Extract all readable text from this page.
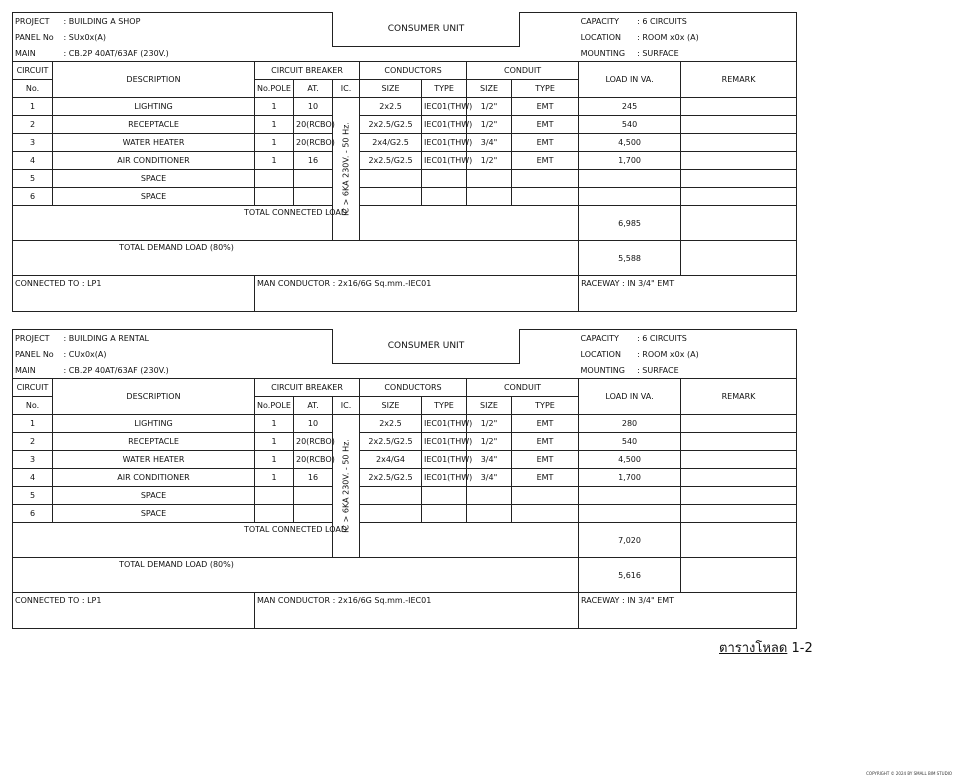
PROJECT : BUILDING A SHOP									CAPACITY : 6 CIRCUITS	
PANEL No : SUx0x(A)									LOCATION : ROOM x0x (A)	
MAIN : CB.2P 40AT/63AF (230V.)									MOUNTING : SURFACE	
CIRCUIT	DESCRIPTION	CIRCUIT BREAKER			CONDUCTORS		CONDUIT		LOAD IN VA.	REMARK
No.		No.POLE	AT.	IC.	SIZE	TYPE	SIZE	TYPE		
1	LIGHTING	1	10	IC > 6KA 230V. - 50 Hz.	2x2.5	IEC01(THW)	1/2"	EMT	245	
2	RECEPTACLE	1	20(RCBO)		2x2.5/G2.5	IEC01(THW)	1/2"	EMT	540	
3	WATER HEATER	1	20(RCBO)		2x4/G2.5	IEC01(THW)	3/4"	EMT	4,500	
4	AIR CONDITIONER	1	16		2x2.5/G2.5	IEC01(THW)	1/2"	EMT	1,700	
5	SPACE									
6	SPACE									
TOTAL CONNECTED LOAD									6,985	
TOTAL DEMAND LOAD (80%)									5,588	
CONNECTED TO : LP1		MAN CONDUCTOR : 2x16/6G Sq.mm.-IEC01							RACEWAY : IN 3/4" EMT	
CONSUMER UNIT
PROJECT : BUILDING A RENTAL									CAPACITY : 6 CIRCUITS	
PANEL No : CUx0x(A)									LOCATION : ROOM x0x (A)	
MAIN : CB.2P 40AT/63AF (230V.)									MOUNTING : SURFACE	
CIRCUIT	DESCRIPTION	CIRCUIT BREAKER			CONDUCTORS		CONDUIT		LOAD IN VA.	REMARK
No.		No.POLE	AT.	IC.	SIZE	TYPE	SIZE	TYPE		
1	LIGHTING	1	10	IC > 6KA 230V. - 50 Hz.	2x2.5	IEC01(THW)	1/2"	EMT	280	
2	RECEPTACLE	1	20(RCBO)		2x2.5/G2.5	IEC01(THW)	1/2"	EMT	540	
3	WATER HEATER	1	20(RCBO)		2x4/G4	IEC01(THW)	3/4"	EMT	4,500	
4	AIR CONDITIONER	1	16		2x2.5/G2.5	IEC01(THW)	3/4"	EMT	1,700	
5	SPACE									
6	SPACE									
TOTAL CONNECTED LOAD									7,020	
TOTAL DEMAND LOAD (80%)									5,616	
CONNECTED TO : LP1		MAN CONDUCTOR : 2x16/6G Sq.mm.-IEC01							RACEWAY : IN 3/4" EMT	
CONSUMER UNIT
ตารางโหลด 1-2
COPYRIGHT © 2024 BY SMALL BIM STUDIO
